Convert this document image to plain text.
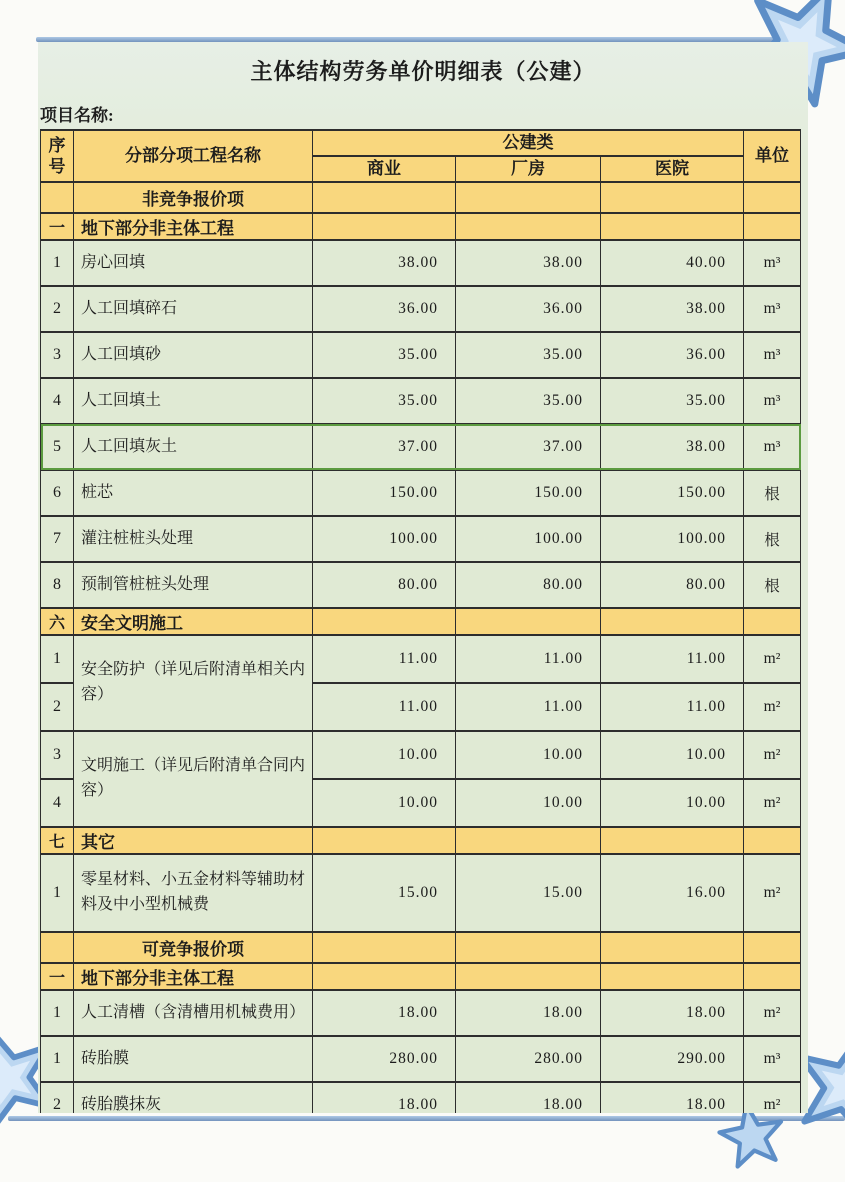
主体结构劳务单价明细表（公建）
项目名称:
序号	分部分项工程名称	公建类			单位
		商业	厂房	医院	
	非竞争报价项				
一	地下部分非主体工程				
1	房心回填	38.00	38.00	40.00	m³
2	人工回填碎石	36.00	36.00	38.00	m³
3	人工回填砂	35.00	35.00	36.00	m³
4	人工回填土	35.00	35.00	35.00	m³
5	人工回填灰土	37.00	37.00	38.00	m³
6	桩芯	150.00	150.00	150.00	根
7	灌注桩桩头处理	100.00	100.00	100.00	根
8	预制管桩桩头处理	80.00	80.00	80.00	根
六	安全文明施工				
1	安全防护（详见后附清单相关内容）	11.00	11.00	11.00	m²
2		11.00	11.00	11.00	m²
3	文明施工（详见后附清单合同内容）	10.00	10.00	10.00	m²
4		10.00	10.00	10.00	m²
七	其它				
1	零星材料、小五金材料等辅助材料及中小型机械费	15.00	15.00	16.00	m²
	可竞争报价项				
一	地下部分非主体工程				
1	人工清槽（含清槽用机械费用）	18.00	18.00	18.00	m²
1	砖胎膜	280.00	280.00	290.00	m³
2	砖胎膜抹灰	18.00	18.00	18.00	m²
